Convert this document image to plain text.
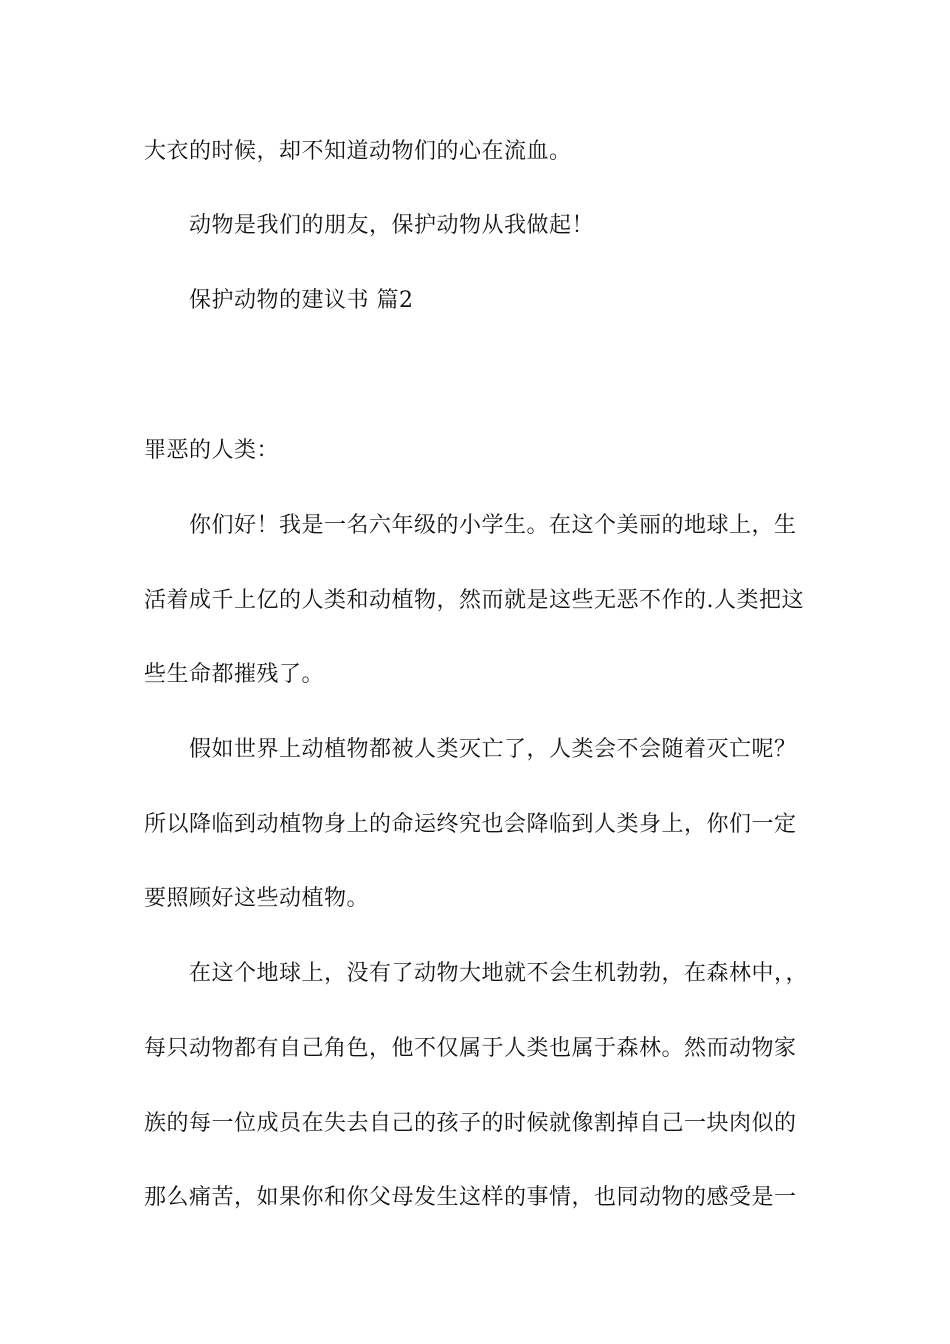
大衣的时候，却不知道动物们的心在流血。
动物是我们的朋友，保护动物从我做起！
保护动物的建议书 篇2
罪恶的人类：
你们好！我是一名六年级的小学生。在这个美丽的地球上，生
活着成千上亿的人类和动植物，然而就是这些无恶不作的.人类把这
些生命都摧残了。
假如世界上动植物都被人类灭亡了，人类会不会随着灭亡呢？
所以降临到动植物身上的命运终究也会降临到人类身上，你们一定
要照顾好这些动植物。
在这个地球上，没有了动物大地就不会生机勃勃，在森林中，，
每只动物都有自己角色，他不仅属于人类也属于森林。然而动物家
族的每一位成员在失去自己的孩子的时候就像割掉自己一块肉似的
那么痛苦，如果你和你父母发生这样的事情，也同动物的感受是一
